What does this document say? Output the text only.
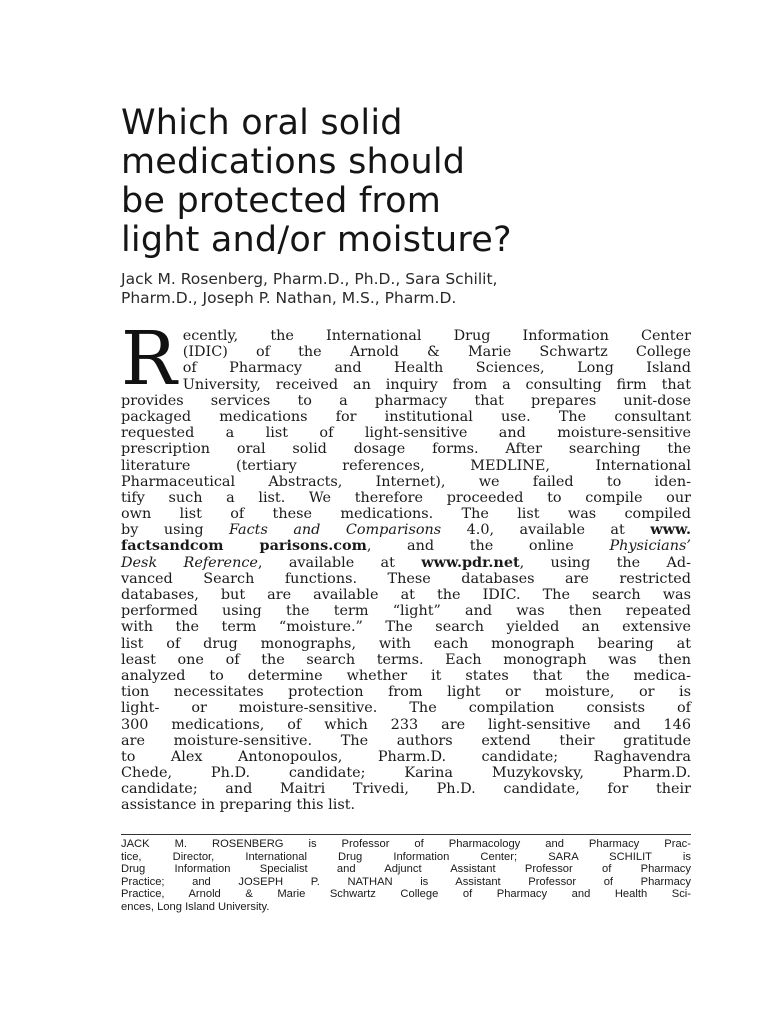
Which oral solid
medications should
be protected from
light and/or moisture?
Jack M. Rosenberg, Pharm.D., Ph.D., Sara Schilit,
Pharm.D., Joseph P. Nathan, M.S., Pharm.D.
R ecently, the International Drug Information Center
(IDIC) of the Arnold & Marie Schwartz College
of Pharmacy and Health Sciences, Long Island
University, received an inquiry from a consulting firm that
provides services to a pharmacy that prepares unit-dose
packaged medications for institutional use. The consultant
requested a list of light-sensitive and moisture-sensitive
prescription oral solid dosage forms. After searching the
literature (tertiary references, MEDLINE, International
Pharmaceutical Abstracts, Internet), we failed to iden-
tify such a list. We therefore proceeded to compile our
own list of these medications. The list was compiled
by using Facts and Comparisons 4.0, available at www.
factsandcom parisons.com, and the online Physicians’
Desk Reference, available at www.pdr.net, using the Ad-
vanced Search functions. These databases are restricted
databases, but are available at the IDIC. The search was
performed using the term “light” and was then repeated
with the term “moisture.” The search yielded an extensive
list of drug monographs, with each monograph bearing at
least one of the search terms. Each monograph was then
analyzed to determine whether it states that the medica-
tion necessitates protection from light or moisture, or is
light- or moisture-sensitive. The compilation consists of
300 medications, of which 233 are light-sensitive and 146
are moisture-sensitive. The authors extend their gratitude
to Alex Antonopoulos, Pharm.D. candidate; Raghavendra
Chede, Ph.D. candidate; Karina Muzykovsky, Pharm.D.
candidate; and Maitri Trivedi, Ph.D. candidate, for their
assistance in preparing this list.
JACK M. ROSENBERG is Professor of Pharmacology and Pharmacy Prac-
tice, Director, International Drug Information Center; SARA SCHILIT is
Drug Information Specialist and Adjunct Assistant Professor of Pharmacy
Practice; and JOSEPH P. NATHAN is Assistant Professor of Pharmacy
Practice, Arnold & Marie Schwartz College of Pharmacy and Health Sci-
ences, Long Island University.
